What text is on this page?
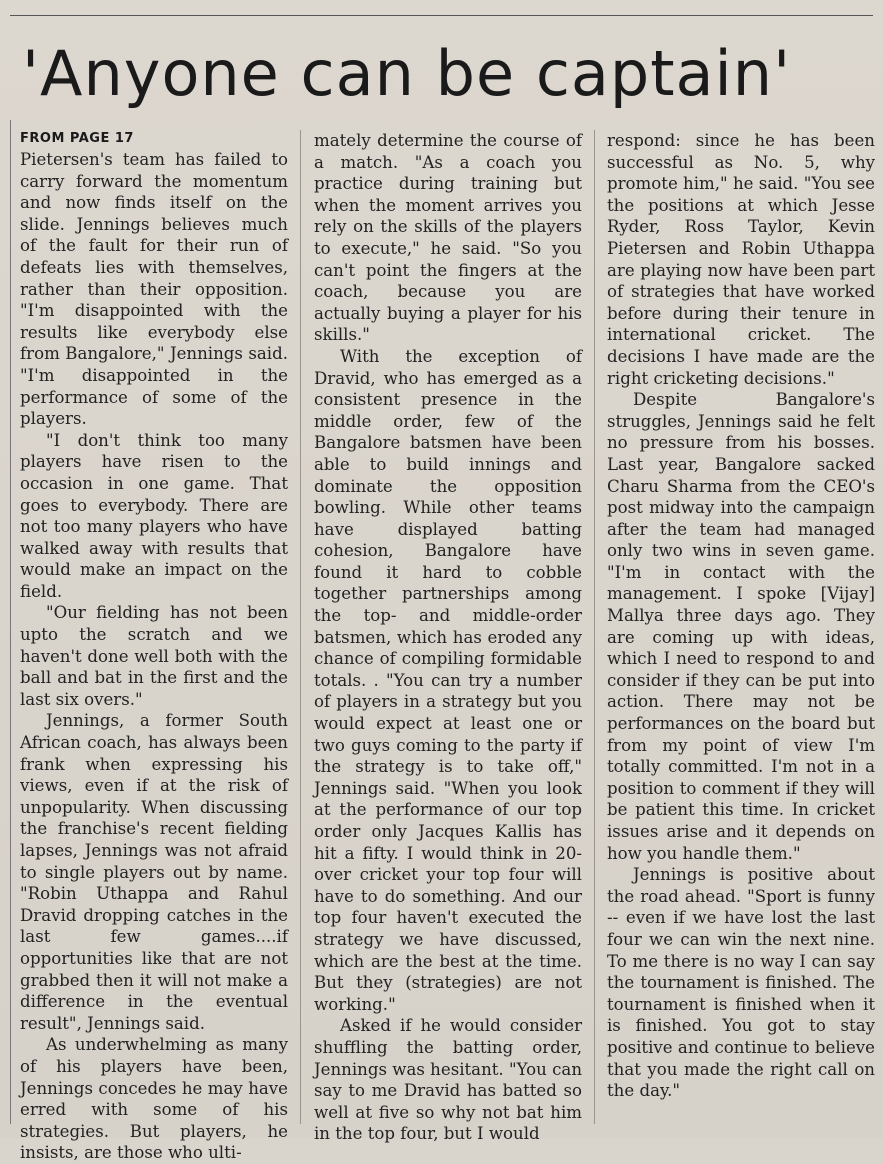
'Anyone can be captain'
FROM PAGE 17

Pietersen's team has failed to carry forward the momentum and now finds itself on the slide. Jennings believes much of the fault for their run of defeats lies with themselves, rather than their opposition. "I'm disappointed with the results like everybody else from Bangalore," Jennings said. "I'm disappointed in the performance of some of the players.

"I don't think too many players have risen to the occasion in one game. That goes to everybody. There are not too many players who have walked away with results that would make an impact on the field.

"Our fielding has not been upto the scratch and we haven't done well both with the ball and bat in the first and the last six overs."

Jennings, a former South African coach, has always been frank when expressing his views, even if at the risk of unpopularity. When discussing the franchise's recent fielding lapses, Jennings was not afraid to single players out by name. "Robin Uthappa and Rahul Dravid dropping catches in the last few games....if opportunities like that are not grabbed then it will not make a difference in the eventual result", Jennings said.

As underwhelming as many of his players have been, Jennings concedes he may have erred with some of his strategies. But players, he insists, are those who ulti-

mately determine the course of a match. "As a coach you practice during training but when the moment arrives you rely on the skills of the players to execute," he said. "So you can't point the fingers at the coach, because you are actually buying a player for his skills."

With the exception of Dravid, who has emerged as a consistent presence in the middle order, few of the Bangalore batsmen have been able to build innings and dominate the opposition bowling. While other teams have displayed batting cohesion, Bangalore have found it hard to cobble together partnerships among the top- and middle-order batsmen, which has eroded any chance of compiling formidable totals. . "You can try a number of players in a strategy but you would expect at least one or two guys coming to the party if the strategy is to take off," Jennings said. "When you look at the performance of our top order only Jacques Kallis has hit a fifty. I would think in 20-over cricket your top four will have to do something. And our top four haven't executed the strategy we have discussed, which are the best at the time. But they (strategies) are not working."

Asked if he would consider shuffling the batting order, Jennings was hesitant. "You can say to me Dravid has batted so well at five so why not bat him in the top four, but I would

respond: since he has been successful as No. 5, why promote him," he said. "You see the positions at which Jesse Ryder, Ross Taylor, Kevin Pietersen and Robin Uthappa are playing now have been part of strategies that have worked before during their tenure in international cricket. The decisions I have made are the right cricketing decisions."

Despite Bangalore's struggles, Jennings said he felt no pressure from his bosses. Last year, Bangalore sacked Charu Sharma from the CEO's post midway into the campaign after the team had managed only two wins in seven game. "I'm in contact with the management. I spoke [Vijay] Mallya three days ago. They are coming up with ideas, which I need to respond to and consider if they can be put into action. There may not be performances on the board but from my point of view I'm totally committed. I'm not in a position to comment if they will be patient this time. In cricket issues arise and it depends on how you handle them."

Jennings is positive about the road ahead. "Sport is funny -- even if we have lost the last four we can win the next nine. To me there is no way I can say the tournament is finished. The tournament is finished when it is finished. You got to stay positive and continue to believe that you made the right call on the day."
